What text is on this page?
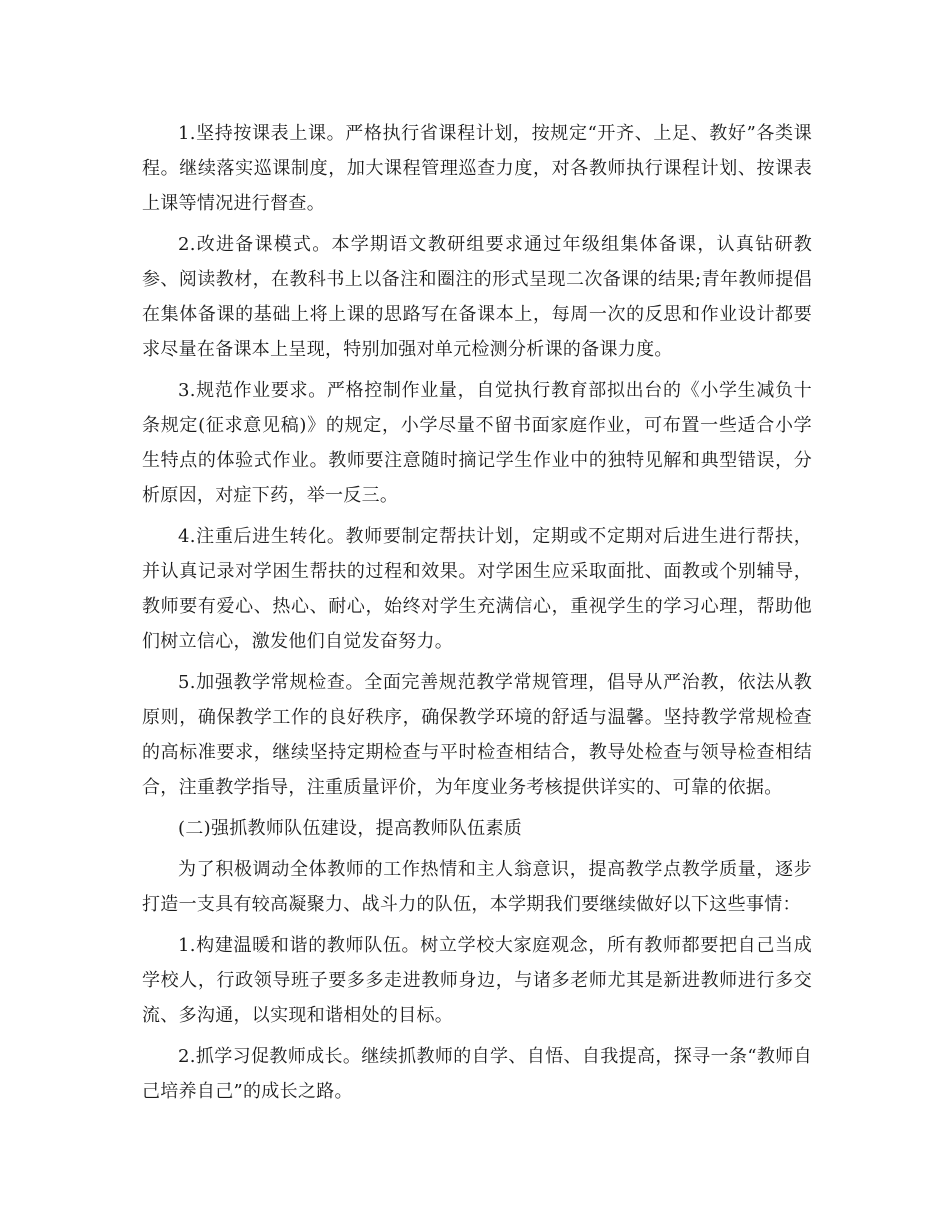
1.坚持按课表上课。严格执行省课程计划，按规定“开齐、上足、教好”各类课程。继续落实巡课制度，加大课程管理巡查力度，对各教师执行课程计划、按课表上课等情况进行督查。

2.改进备课模式。本学期语文教研组要求通过年级组集体备课，认真钻研教参、阅读教材，在教科书上以备注和圈注的形式呈现二次备课的结果;青年教师提倡在集体备课的基础上将上课的思路写在备课本上，每周一次的反思和作业设计都要求尽量在备课本上呈现，特别加强对单元检测分析课的备课力度。

3.规范作业要求。严格控制作业量，自觉执行教育部拟出台的《小学生减负十条规定(征求意见稿)》的规定，小学尽量不留书面家庭作业，可布置一些适合小学生特点的体验式作业。教师要注意随时摘记学生作业中的独特见解和典型错误，分析原因，对症下药，举一反三。

4.注重后进生转化。教师要制定帮扶计划，定期或不定期对后进生进行帮扶，并认真记录对学困生帮扶的过程和效果。对学困生应采取面批、面教或个别辅导，教师要有爱心、热心、耐心，始终对学生充满信心，重视学生的学习心理，帮助他们树立信心，激发他们自觉发奋努力。

5.加强教学常规检查。全面完善规范教学常规管理，倡导从严治教，依法从教原则，确保教学工作的良好秩序，确保教学环境的舒适与温馨。坚持教学常规检查的高标准要求，继续坚持定期检查与平时检查相结合，教导处检查与领导检查相结合，注重教学指导，注重质量评价，为年度业务考核提供详实的、可靠的依据。

(二)强抓教师队伍建设，提高教师队伍素质

为了积极调动全体教师的工作热情和主人翁意识，提高教学点教学质量，逐步打造一支具有较高凝聚力、战斗力的队伍，本学期我们要继续做好以下这些事情：

1.构建温暖和谐的教师队伍。树立学校大家庭观念，所有教师都要把自己当成学校人，行政领导班子要多多走进教师身边，与诸多老师尤其是新进教师进行多交流、多沟通，以实现和谐相处的目标。

2.抓学习促教师成长。继续抓教师的自学、自悟、自我提高，探寻一条“教师自己培养自己”的成长之路。
